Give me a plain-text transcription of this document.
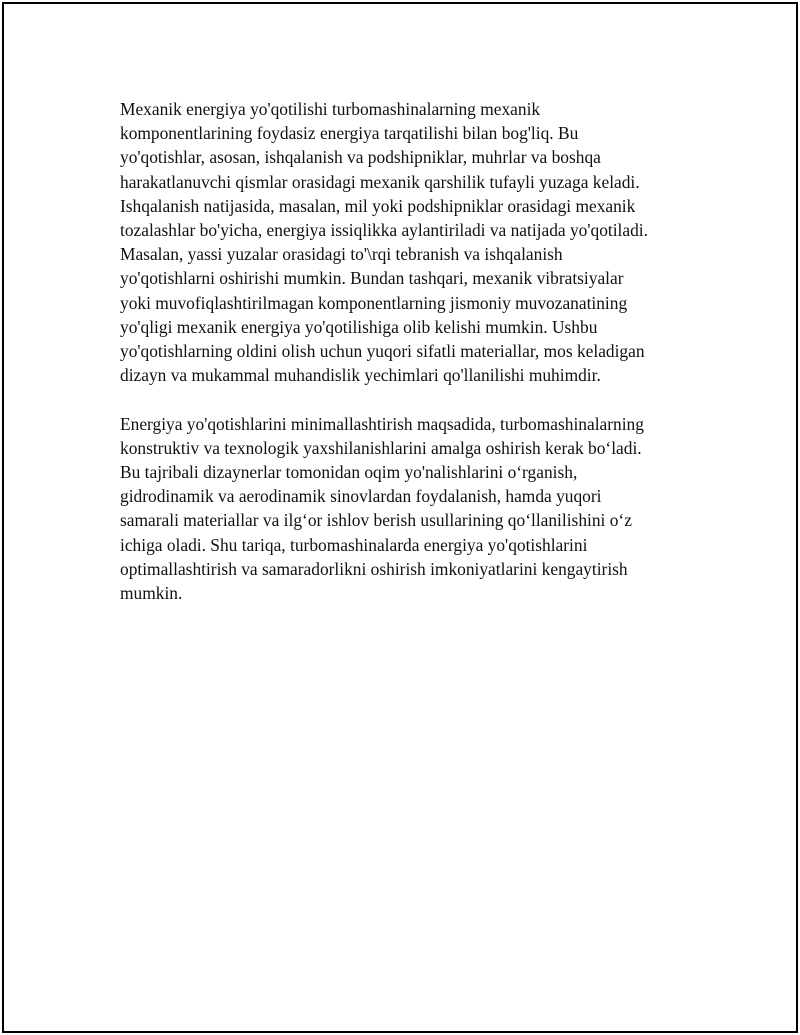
Mexanik energiya yo'qotilishi turbomashinalarning mexanik
komponentlarining foydasiz energiya tarqatilishi bilan bog'liq. Bu
yo'qotishlar, asosan, ishqalanish va podshipniklar, muhrlar va boshqa
harakatlanuvchi qismlar orasidagi mexanik qarshilik tufayli yuzaga keladi.
Ishqalanish natijasida, masalan, mil yoki podshipniklar orasidagi mexanik
tozalashlar bo'yicha, energiya issiqlikka aylantiriladi va natijada yo'qotiladi.
Masalan, yassi yuzalar orasidagi to'\rqi tebranish va ishqalanish
yo'qotishlarni oshirishi mumkin. Bundan tashqari, mexanik vibratsiyalar
yoki muvofiqlashtirilmagan komponentlarning jismoniy muvozanatining
yo'qligi mexanik energiya yo'qotilishiga olib kelishi mumkin. Ushbu
yo'qotishlarning oldini olish uchun yuqori sifatli materiallar, mos keladigan
dizayn va mukammal muhandislik yechimlari qo'llanilishi muhimdir.

Energiya yo'qotishlarini minimallashtirish maqsadida, turbomashinalarning
konstruktiv va texnologik yaxshilanishlarini amalga oshirish kerak boʻladi.
Bu tajribali dizaynerlar tomonidan oqim yo'nalishlarini oʻrganish,
gidrodinamik va aerodinamik sinovlardan foydalanish, hamda yuqori
samarali materiallar va ilgʻor ishlov berish usullarining qoʻllanilishini oʻz
ichiga oladi. Shu tariqa, turbomashinalarda energiya yo'qotishlarini
optimallashtirish va samaradorlikni oshirish imkoniyatlarini kengaytirish
mumkin.
